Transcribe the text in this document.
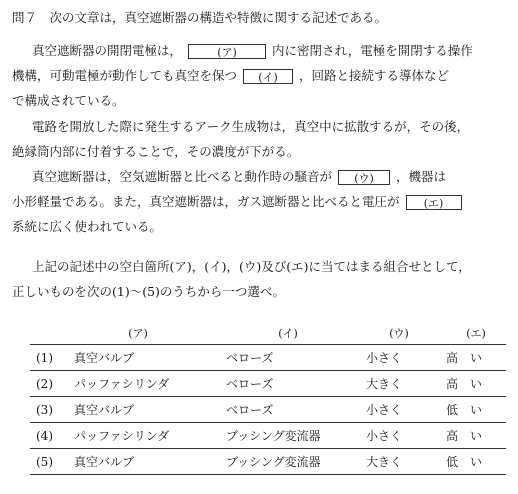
問７　 次の文章は，真空遮断器の構造や特徴に関する記述である。
真空遮断器の開閉電極は，	(ア)	内に密閉され，電極を開閉する操作
機構，可動電極が動作しても真空を保つ (イ) ，回路と接続する導体など
で構成されている。
電路を開放した際に発生するアーク生成物は，真空中に拡散するが，その後，
絶縁筒内部に付着することで，その濃度が下がる。
真空遮断器は，空気遮断器と比べると動作時の騒音が (ウ) ，機器は
小形軽量である。また，真空遮断器は，ガス遮断器と比べると電圧が (エ)
系統に広く使われている。
上記の記述中の空白箇所(ア)，(イ)，(ウ)及び(エ)に当てはまる組合せとして，
正しいものを次の(1)～(5)のうちから一つ選べ。
	(ア)	(イ)	(ウ)	(エ)
(1)	真空バルブ	ベローズ	小さく	高　い
(2)	パッファシリンダ	ベローズ	大きく	高　い
(3)	真空バルブ	ベローズ	小さく	低　い
(4)	パッファシリンダ	ブッシング変流器	小さく	高　い
(5)	真空バルブ	ブッシング変流器	大きく	低　い
